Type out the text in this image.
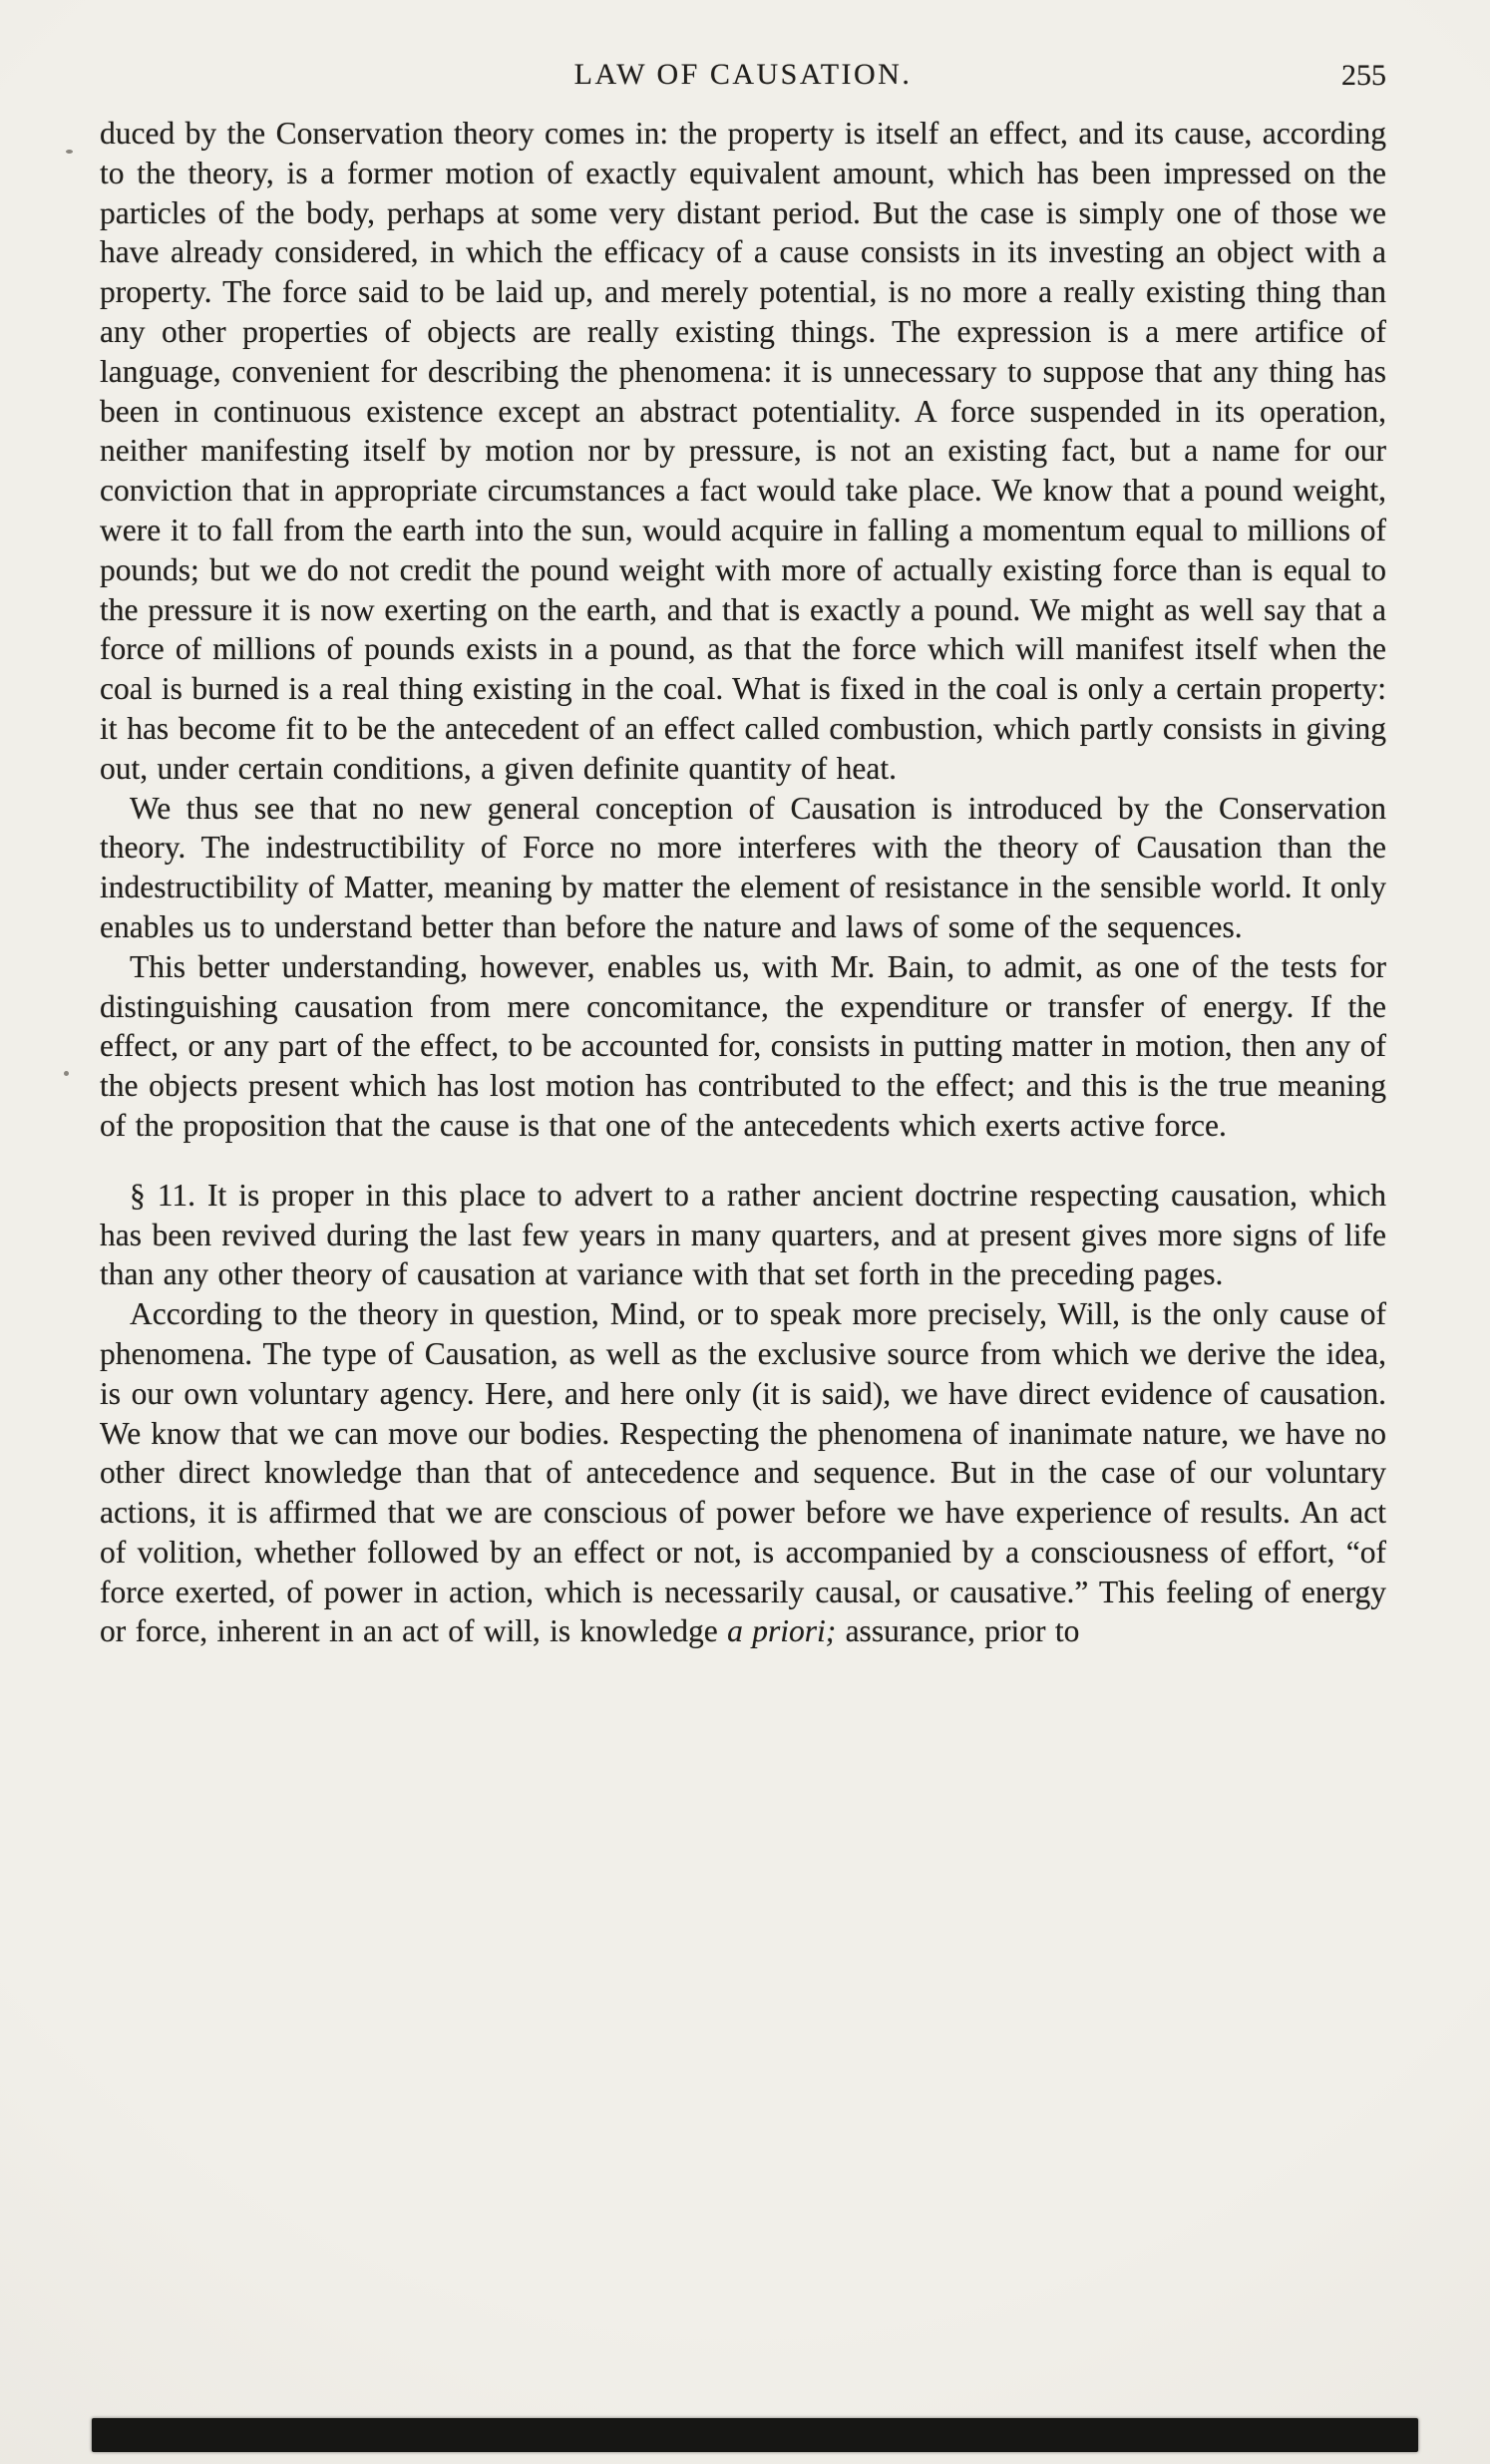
LAW OF CAUSATION.	255

duced by the Conservation theory comes in: the property is itself an effect, and its cause, according to the theory, is a former motion of exactly equivalent amount, which has been impressed on the particles of the body, perhaps at some very distant period. But the case is simply one of those we have already considered, in which the efficacy of a cause consists in its investing an object with a property. The force said to be laid up, and merely potential, is no more a really existing thing than any other properties of objects are really existing things. The expression is a mere artifice of language, convenient for describing the phenomena: it is unnecessary to suppose that any thing has been in continuous existence except an abstract potentiality. A force suspended in its operation, neither manifesting itself by motion nor by pressure, is not an existing fact, but a name for our conviction that in appropriate circumstances a fact would take place. We know that a pound weight, were it to fall from the earth into the sun, would acquire in falling a momentum equal to millions of pounds; but we do not credit the pound weight with more of actually existing force than is equal to the pressure it is now exerting on the earth, and that is exactly a pound. We might as well say that a force of millions of pounds exists in a pound, as that the force which will manifest itself when the coal is burned is a real thing existing in the coal. What is fixed in the coal is only a certain property: it has become fit to be the antecedent of an effect called combustion, which partly consists in giving out, under certain conditions, a given definite quantity of heat.

We thus see that no new general conception of Causation is introduced by the Conservation theory. The indestructibility of Force no more interferes with the theory of Causation than the indestructibility of Matter, meaning by matter the element of resistance in the sensible world. It only enables us to understand better than before the nature and laws of some of the sequences.

This better understanding, however, enables us, with Mr. Bain, to admit, as one of the tests for distinguishing causation from mere concomitance, the expenditure or transfer of energy. If the effect, or any part of the effect, to be accounted for, consists in putting matter in motion, then any of the objects present which has lost motion has contributed to the effect; and this is the true meaning of the proposition that the cause is that one of the antecedents which exerts active force.

§ 11. It is proper in this place to advert to a rather ancient doctrine respecting causation, which has been revived during the last few years in many quarters, and at present gives more signs of life than any other theory of causation at variance with that set forth in the preceding pages.

According to the theory in question, Mind, or to speak more precisely, Will, is the only cause of phenomena. The type of Causation, as well as the exclusive source from which we derive the idea, is our own voluntary agency. Here, and here only (it is said), we have direct evidence of causation. We know that we can move our bodies. Respecting the phenomena of inanimate nature, we have no other direct knowledge than that of antecedence and sequence. But in the case of our voluntary actions, it is affirmed that we are conscious of power before we have experience of results. An act of volition, whether followed by an effect or not, is accompanied by a consciousness of effort, “of force exerted, of power in action, which is necessarily causal, or causative.” This feeling of energy or force, inherent in an act of will, is knowledge a priori; assurance, prior to
